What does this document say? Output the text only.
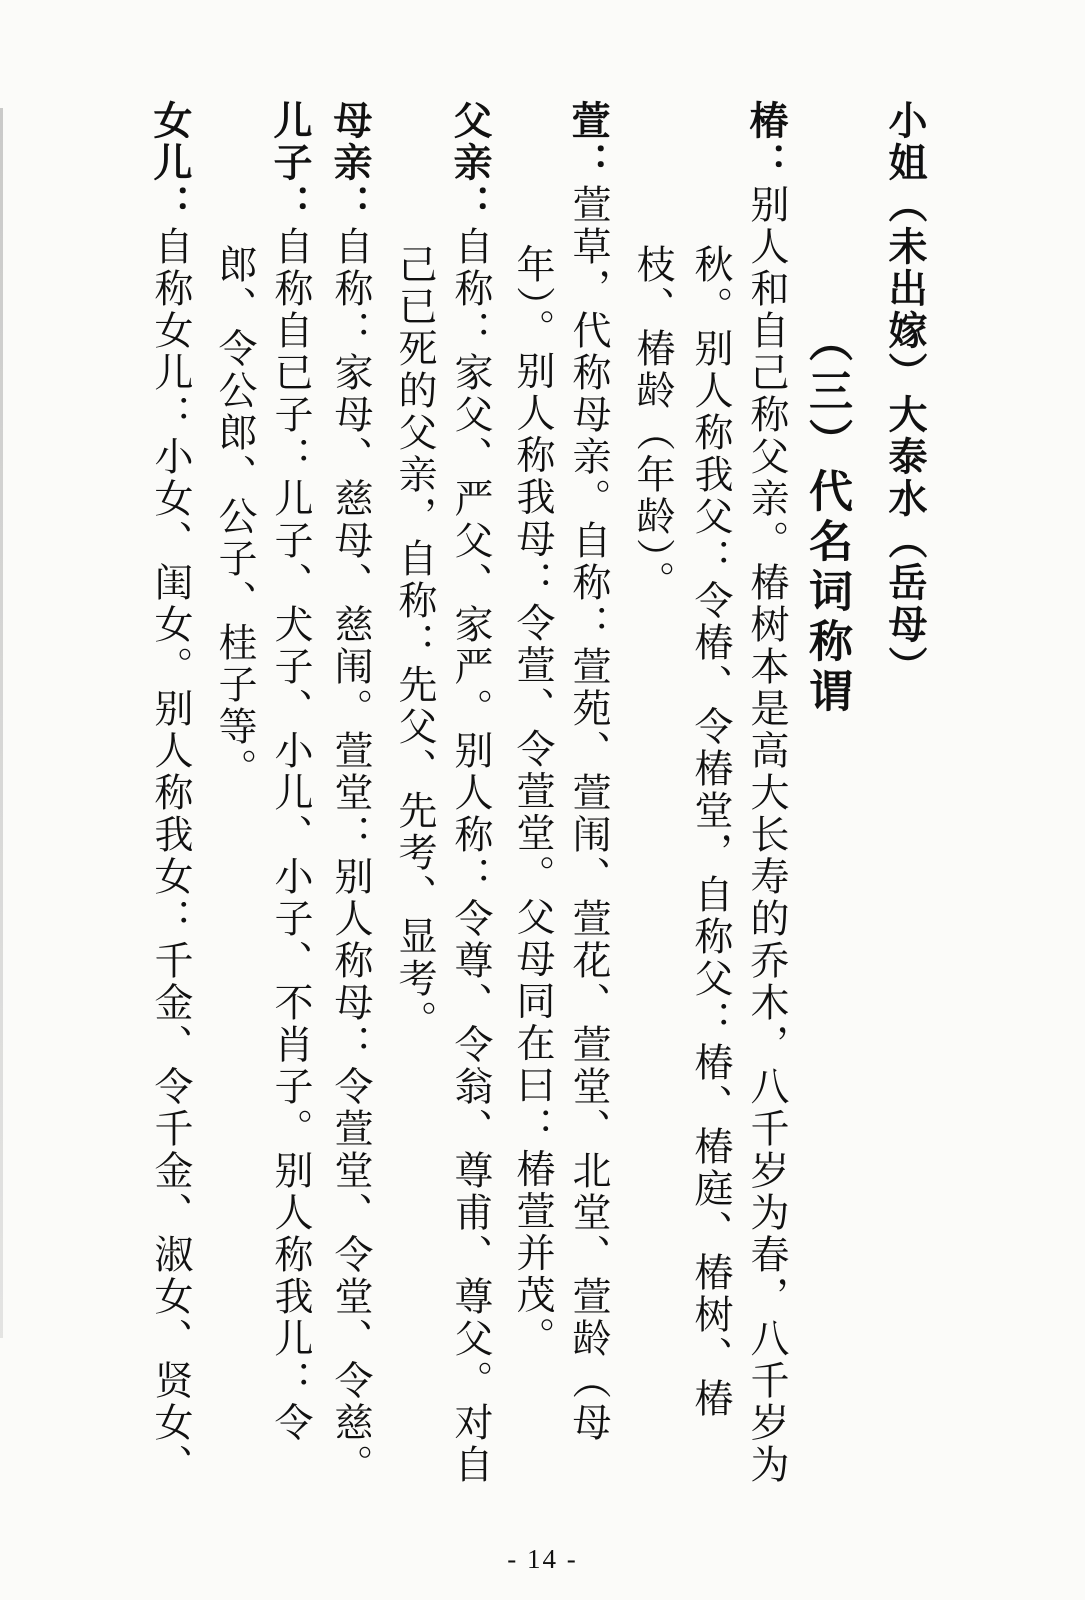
小姐（未出嫁）大泰水（岳母）
（三）代名词称谓
椿：别人和自己称父亲。椿树本是高大长寿的乔木，八千岁为春，八千岁为
秋。别人称我父：令椿、令椿堂，自称父：椿、椿庭、椿树、椿
枝、椿龄（年龄）。
萱：萱草，代称母亲。自称：萱苑、萱闱、萱花、萱堂、北堂、萱龄（母
年）。别人称我母：令萱、令萱堂。父母同在曰：椿萱并茂。
父亲：自称：家父、严父、家严。别人称：令尊、令翁、尊甫、尊父。对自
己已死的父亲，自称：先父、先考、显考。
母亲：自称：家母、慈母、慈闱。萱堂：别人称母：令萱堂、令堂、令慈。
儿子：自称自已子：儿子、犬子、小儿、小子、不肖子。别人称我儿：令
郎、令公郎、公子、桂子等。
女儿：自称女儿：小女、闺女。别人称我女：千金、令千金、淑女、贤女、
- 14 -
